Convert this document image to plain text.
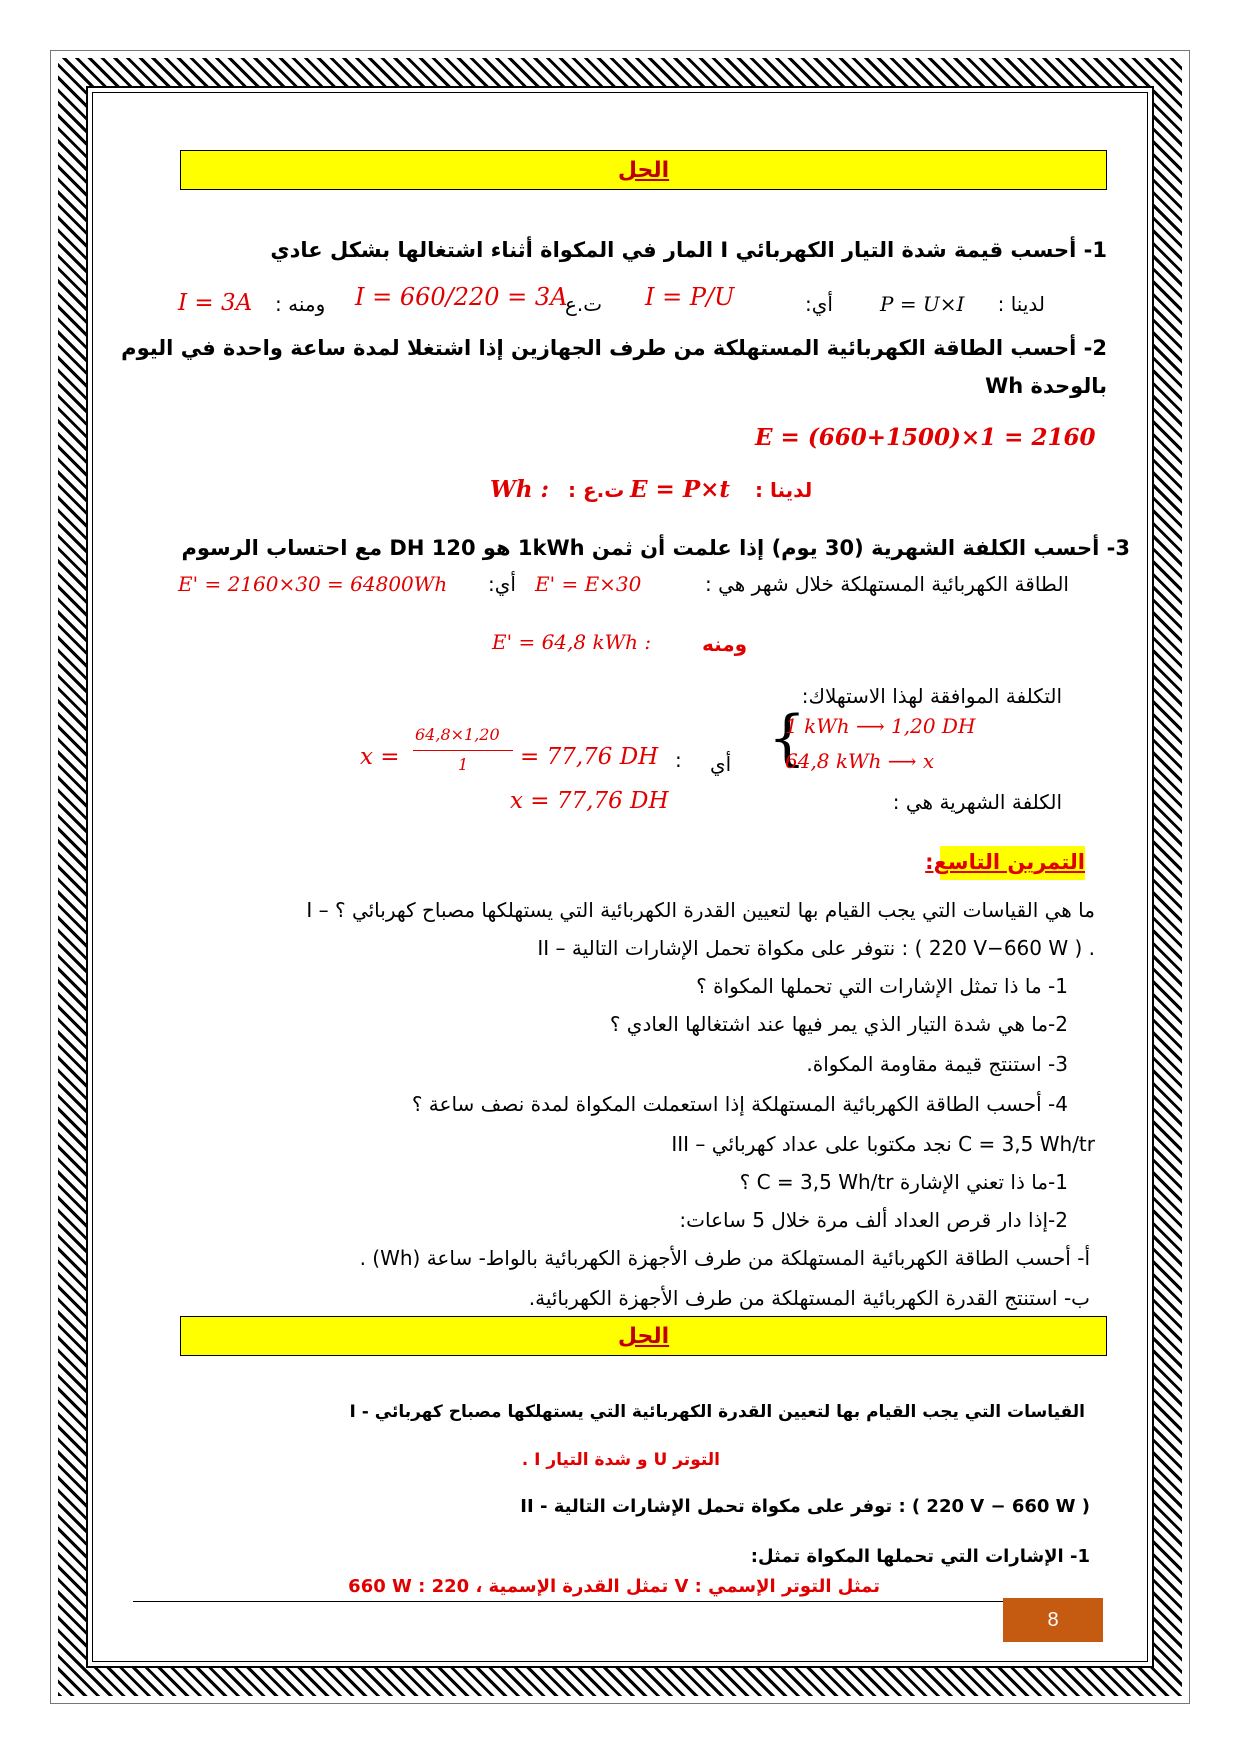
الحل
1- أحسب قيمة شدة التيار الكهربائي I المار في المكواة أثناء اشتغالها بشكل عادي
لدينا :
P = U×I
أي:
I = P/U
ت.ع
I = 660/220 = 3A
ومنه :
I = 3A
2- أحسب الطاقة الكهربائية المستهلكة من طرف الجهازين إذا اشتغلا لمدة ساعة واحدة في اليوم
بالوحدة Wh
E = (660+1500)×1 = 2160
لدينا :
E = P×t
ت.ع :
Wh :
3- أحسب الكلفة الشهرية (30 يوم) إذا علمت أن ثمن 1kWh هو 120 DH مع احتساب الرسوم
الطاقة الكهربائية المستهلكة خلال شهر هي :
E' = E×30
أي:
E' = 2160×30 = 64800Wh
ومنه
E' = 64,8 kWh :
التكلفة الموافقة لهذا الاستهلاك:
{
1 kWh ⟶ 1,20 DH
64,8 kWh ⟶ x
أي
:
x =
64,8×1,20
1 = 77,76 DH
الكلفة الشهرية هي :
x = 77,76 DH
التمرين التاسع:
I – ما هي القياسات التي يجب القيام بها لتعيين القدرة الكهربائية التي يستهلكها مصباح كهربائي ؟
II – نتوفر على مكواة تحمل الإشارات التالية : ( 220 V−660 W ) .
1- ما ذا تمثل الإشارات التي تحملها المكواة ؟
2-ما هي شدة التيار الذي يمر فيها عند اشتغالها العادي ؟
3- استنتج قيمة مقاومة المكواة.
4- أحسب الطاقة الكهربائية المستهلكة إذا استعملت المكواة لمدة نصف ساعة ؟
III – نجد مكتوبا على عداد كهربائي C = 3,5 Wh/tr
1-ما ذا تعني الإشارة C = 3,5 Wh/tr ؟
2-إذا دار قرص العداد ألف مرة خلال 5 ساعات:
أ- أحسب الطاقة الكهربائية المستهلكة من طرف الأجهزة الكهربائية بالواط- ساعة (Wh) .
ب- استنتج القدرة الكهربائية المستهلكة من طرف الأجهزة الكهربائية.
الحل
I - القياسات التي يجب القيام بها لتعيين القدرة الكهربائية التي يستهلكها مصباح كهربائي
التوتر U و شدة التيار I .
II - توفر على مكواة تحمل الإشارات التالية : ( 220 V − 660 W )
1- الإشارات التي تحملها المكواة تمثل:
660 W : تمثل القدرة الإسمية ، 220 V : تمثل التوتر الإسمي
8
